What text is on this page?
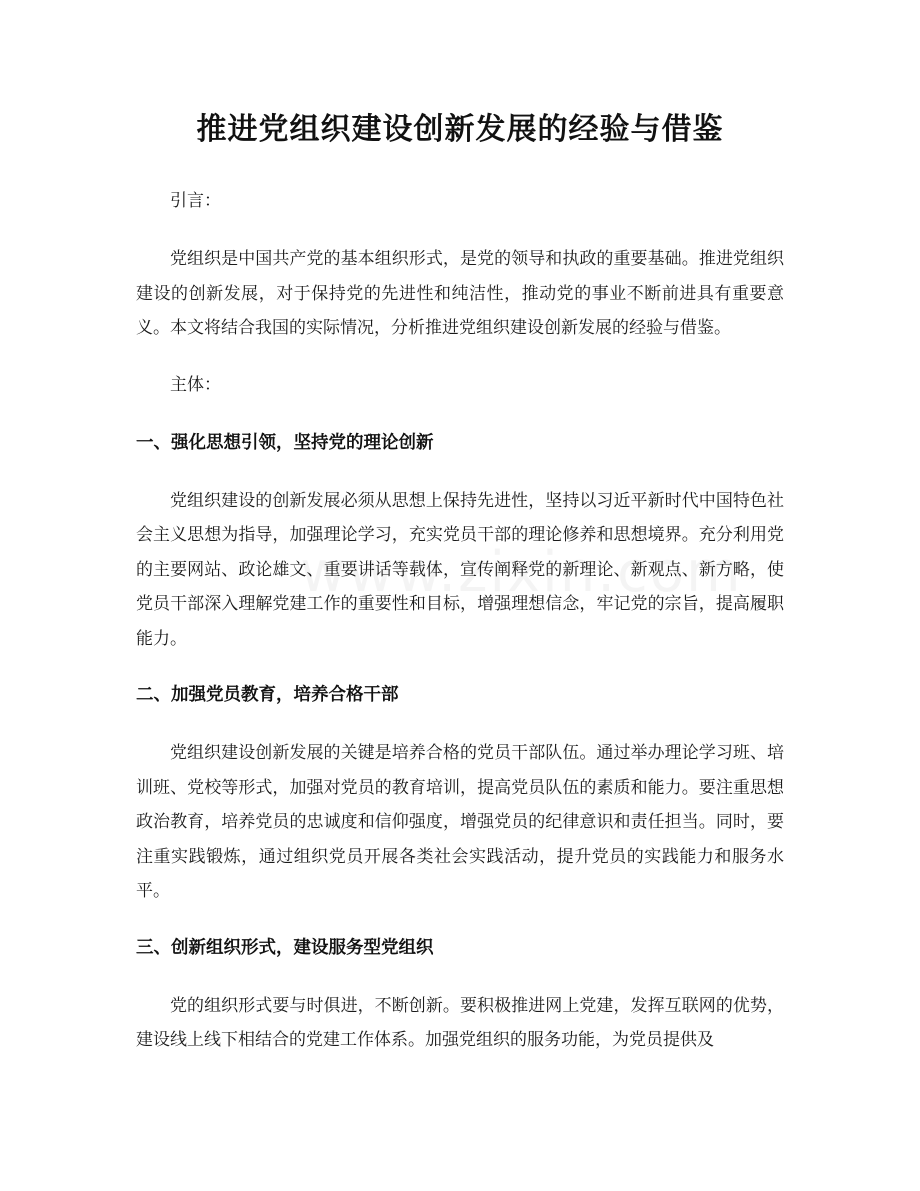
推进党组织建设创新发展的经验与借鉴

引言：

党组织是中国共产党的基本组织形式，是党的领导和执政的重要基础。推进党组织建设的创新发展，对于保持党的先进性和纯洁性，推动党的事业不断前进具有重要意义。本文将结合我国的实际情况，分析推进党组织建设创新发展的经验与借鉴。

主体：

一、强化思想引领，坚持党的理论创新

党组织建设的创新发展必须从思想上保持先进性，坚持以习近平新时代中国特色社会主义思想为指导，加强理论学习，充实党员干部的理论修养和思想境界。充分利用党的主要网站、政论雄文、重要讲话等载体，宣传阐释党的新理论、新观点、新方略，使党员干部深入理解党建工作的重要性和目标，增强理想信念，牢记党的宗旨，提高履职能力。

二、加强党员教育，培养合格干部

党组织建设创新发展的关键是培养合格的党员干部队伍。通过举办理论学习班、培训班、党校等形式，加强对党员的教育培训，提高党员队伍的素质和能力。要注重思想政治教育，培养党员的忠诚度和信仰强度，增强党员的纪律意识和责任担当。同时，要注重实践锻炼，通过组织党员开展各类社会实践活动，提升党员的实践能力和服务水平。

三、创新组织形式，建设服务型党组织

党的组织形式要与时俱进，不断创新。要积极推进网上党建，发挥互联网的优势，建设线上线下相结合的党建工作体系。加强党组织的服务功能，为党员提供及
